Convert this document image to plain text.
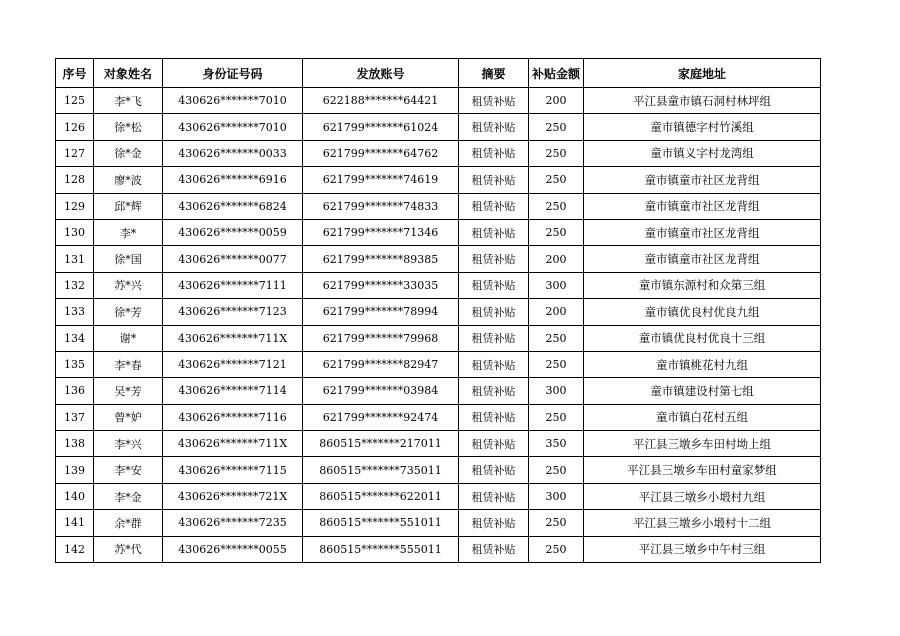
序号	对象姓名	身份证号码	发放账号	摘要	补贴金额	家庭地址
125	李*飞	430626*******7010	622188*******64421	租赁补贴	200	平江县童市镇石洞村林坪组
126	徐*松	430626*******7010	621799*******61024	租赁补贴	250	童市镇德字村竹溪组
127	徐*金	430626*******0033	621799*******64762	租赁补贴	250	童市镇义字村龙湾组
128	廖*波	430626*******6916	621799*******74619	租赁补贴	250	童市镇童市社区龙背组
129	邱*辉	430626*******6824	621799*******74833	租赁补贴	250	童市镇童市社区龙背组
130	李*	430626*******0059	621799*******71346	租赁补贴	250	童市镇童市社区龙背组
131	徐*国	430626*******0077	621799*******89385	租赁补贴	200	童市镇童市社区龙背组
132	苏*兴	430626*******7111	621799*******33035	租赁补贴	300	童市镇东源村和众第三组
133	徐*芳	430626*******7123	621799*******78994	租赁补贴	200	童市镇优良村优良九组
134	谢*	430626*******711X	621799*******79968	租赁补贴	250	童市镇优良村优良十三组
135	李*春	430626*******7121	621799*******82947	租赁补贴	250	童市镇桃花村九组
136	吴*芳	430626*******7114	621799*******03984	租赁补贴	300	童市镇建设村第七组
137	曾*妒	430626*******7116	621799*******92474	租赁补贴	250	童市镇白花村五组
138	李*兴	430626*******711X	860515*******217011	租赁补贴	350	平江县三墩乡车田村坳上组
139	李*安	430626*******7115	860515*******735011	租赁补贴	250	平江县三墩乡车田村童家梦组
140	李*金	430626*******721X	860515*******622011	租赁补贴	300	平江县三墩乡小塅村九组
141	余*群	430626*******7235	860515*******551011	租赁补贴	250	平江县三墩乡小塅村十二组
142	苏*代	430626*******0055	860515*******555011	租赁补贴	250	平江县三墩乡中午村三组
